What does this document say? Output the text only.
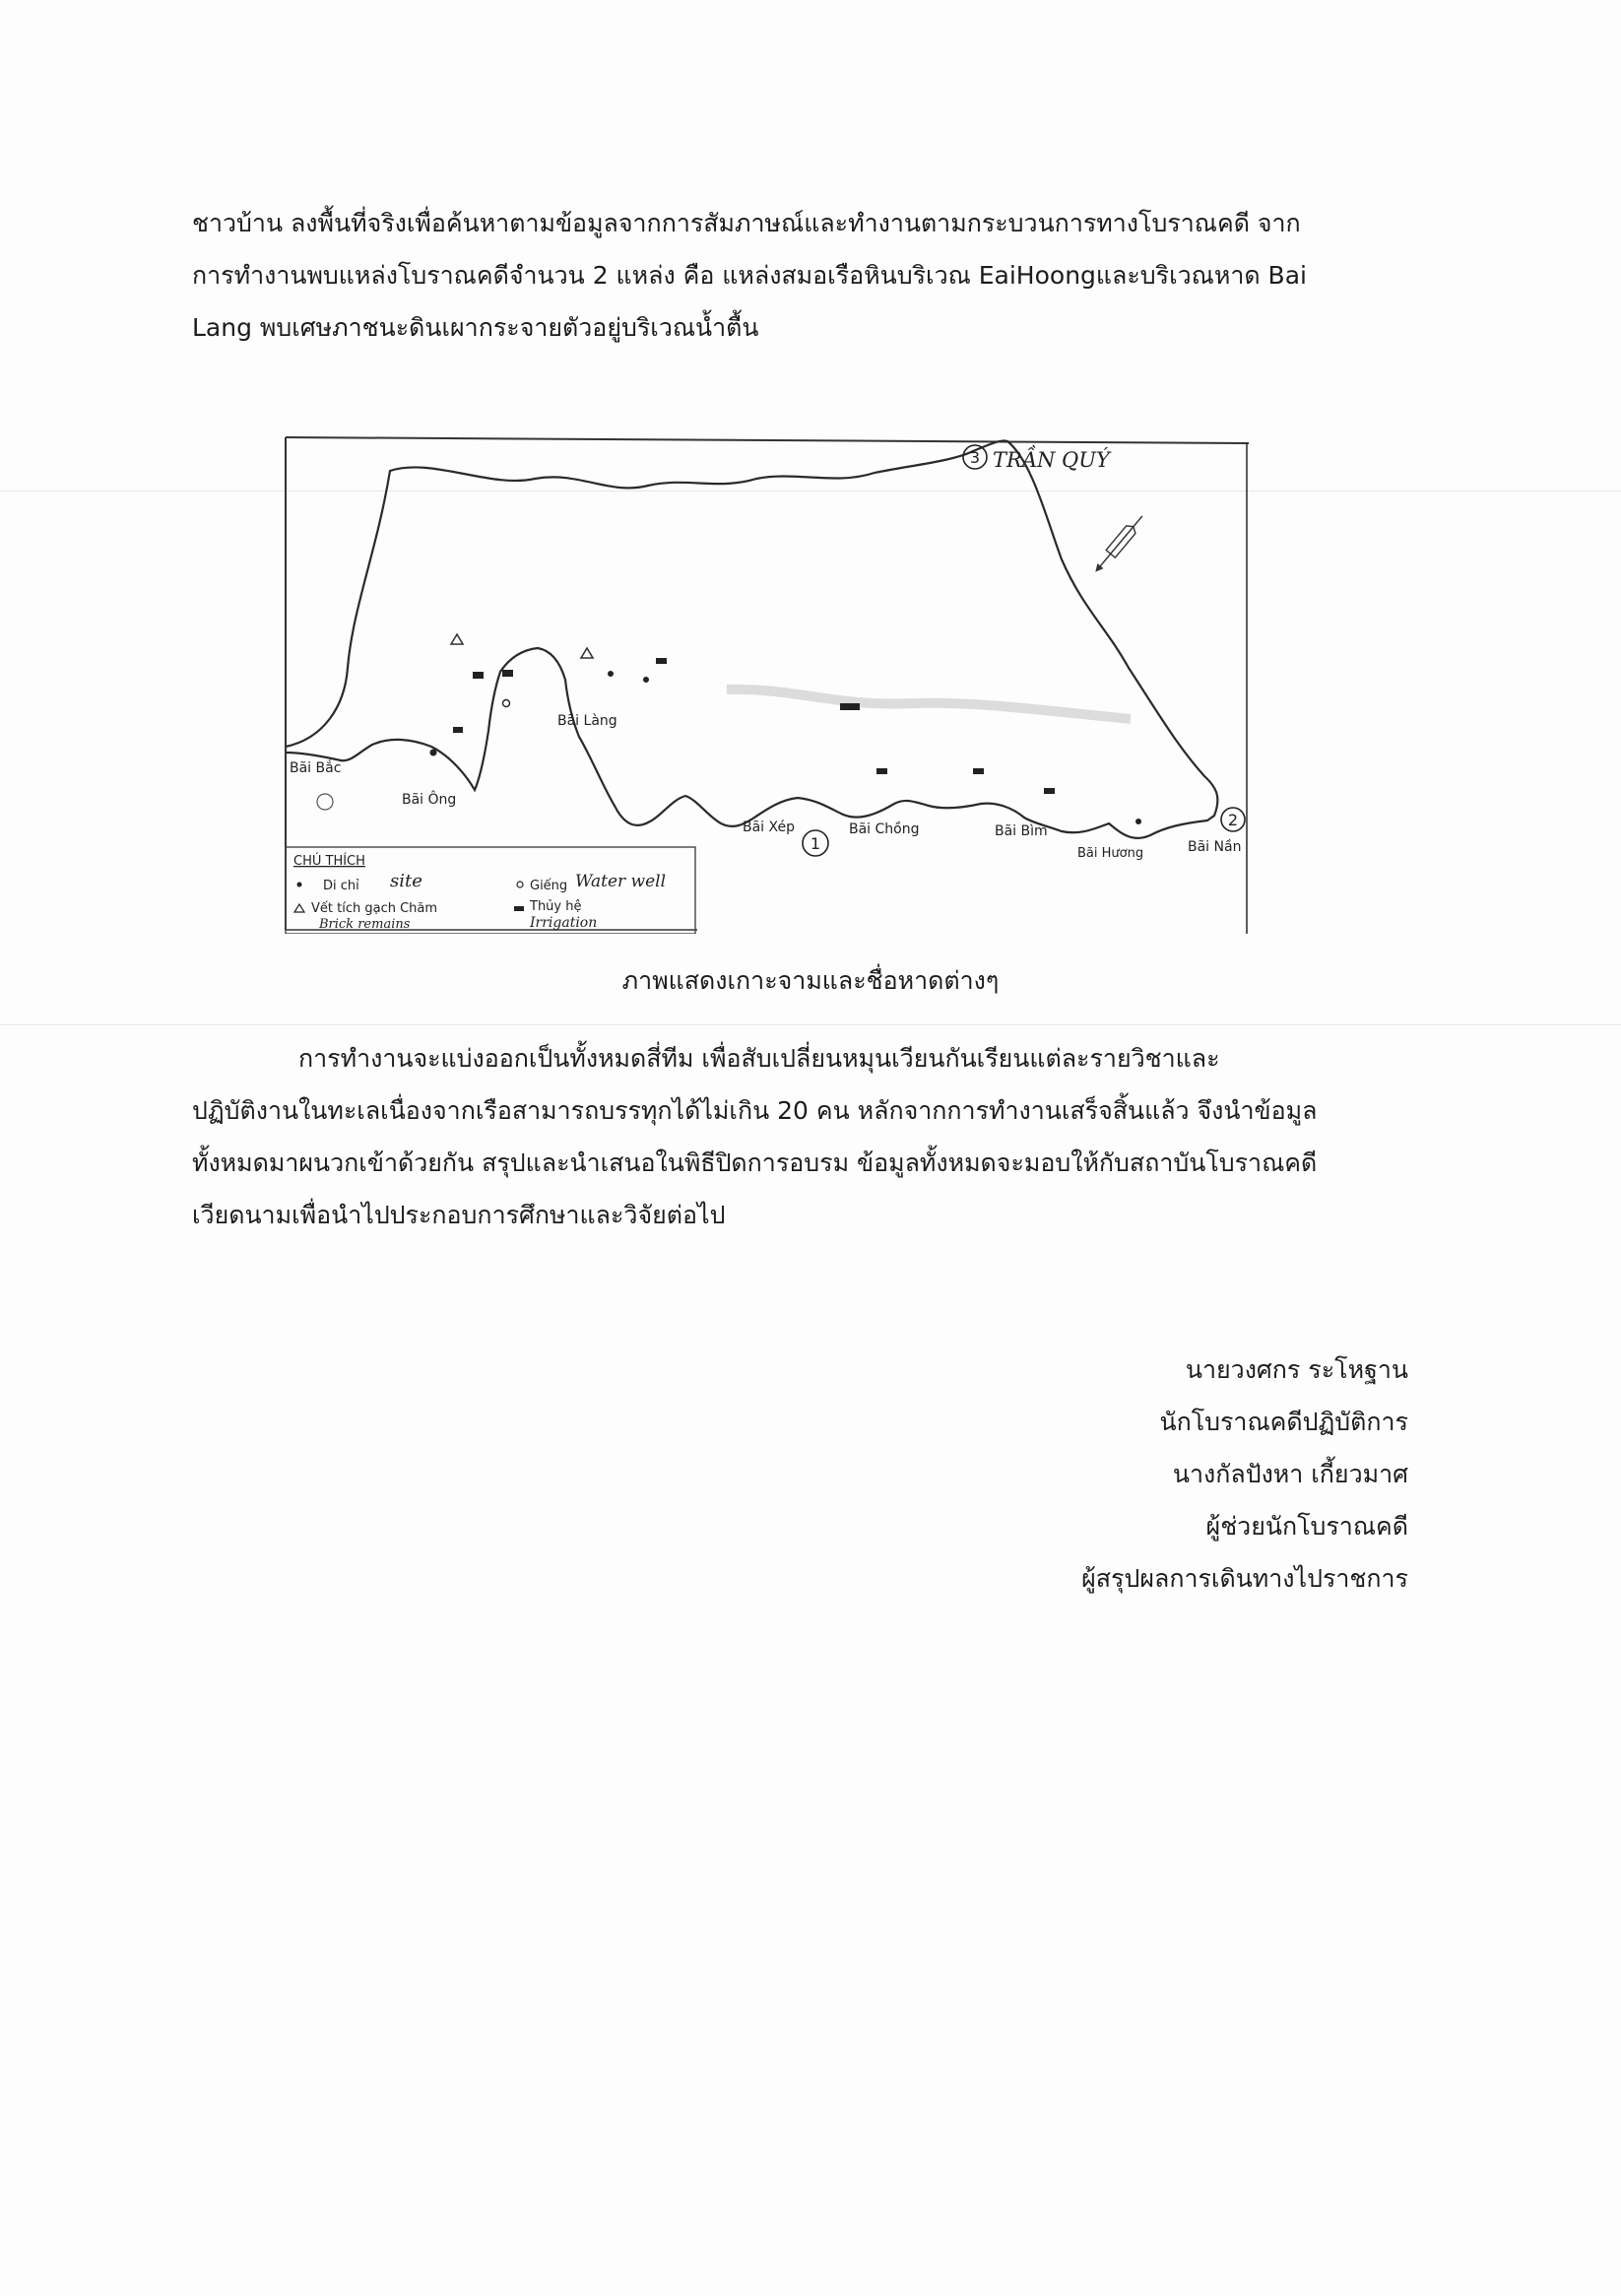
ชาวบ้าน ลงพื้นที่จริงเพื่อค้นหาตามข้อมูลจากการสัมภาษณ์และทำงานตามกระบวนการทางโบราณคดี จาก
การทำงานพบแหล่งโบราณคดีจำนวน 2 แหล่ง คือ แหล่งสมอเรือหินบริเวณ EaiHoongและบริเวณหาด Bai
Lang พบเศษภาชนะดินเผากระจายตัวอยู่บริเวณน้ำตื้น

3 TRẦN QUÝ
2
1
Bãi Bắc
Bãi Ông
Bãi Làng
Bãi Xép	Bãi Chồng	Bãi Bìm
Bãi Hương	Bãi Nần
CHÚ THÍCH
Di chỉ site
Vết tích gạch Chăm
Brick remains
Giếng Water well
Thủy hệ
Irrigation
ภาพแสดงเกาะจามและชื่อหาดต่างๆ

การทำงานจะแบ่งออกเป็นทั้งหมดสี่ทีม เพื่อสับเปลี่ยนหมุนเวียนกันเรียนแต่ละรายวิชาและ
ปฏิบัติงานในทะเลเนื่องจากเรือสามารถบรรทุกได้ไม่เกิน 20 คน หลักจากการทำงานเสร็จสิ้นแล้ว จึงนำข้อมูล
ทั้งหมดมาผนวกเข้าด้วยกัน สรุปและนำเสนอในพิธีปิดการอบรม ข้อมูลทั้งหมดจะมอบให้กับสถาบันโบราณคดี
เวียดนามเพื่อนำไปประกอบการศึกษาและวิจัยต่อไป

นายวงศกร ระโหฐาน
นักโบราณคดีปฏิบัติการ
นางกัลปังหา เกี้ยวมาศ
ผู้ช่วยนักโบราณคดี
ผู้สรุปผลการเดินทางไปราชการ
